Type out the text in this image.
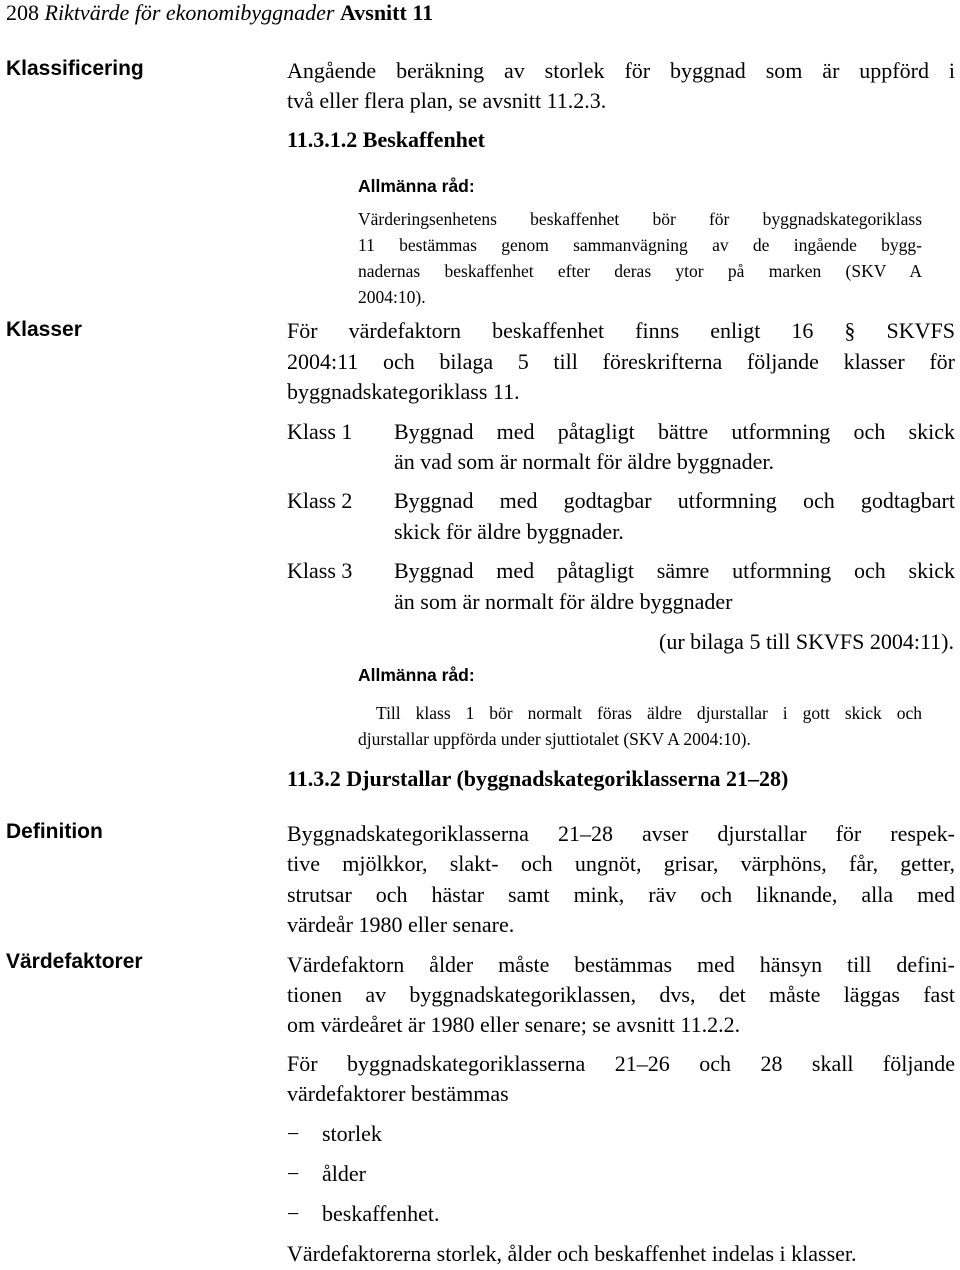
208 Riktvärde för ekonomibyggnader Avsnitt 11
Klassificering
Klasser
Definition
Värdefaktorer
Angående beräkning av storlek för byggnad som är uppförd i
två eller flera plan, se avsnitt 11.2.3.
11.3.1.2 Beskaffenhet
Allmänna råd:
Värderingsenhetens beskaffenhet bör för byggnadskategoriklass
11 bestämmas genom sammanvägning av de ingående bygg-
nadernas beskaffenhet efter deras ytor på marken (SKV A
2004:10).
För värdefaktorn beskaffenhet finns enligt 16 § SKVFS
2004:11 och bilaga 5 till föreskrifterna följande klasser för
byggnadskategoriklass 11.
Klass 1 Byggnad med påtagligt bättre utformning och skick
än vad som är normalt för äldre byggnader.
Klass 2 Byggnad med godtagbar utformning och godtagbart
skick för äldre byggnader.
Klass 3 Byggnad med påtagligt sämre utformning och skick
än som är normalt för äldre byggnader
(ur bilaga 5 till SKVFS 2004:11).
Allmänna råd:
Till klass 1 bör normalt föras äldre djurstallar i gott skick och
djurstallar uppförda under sjuttiotalet (SKV A 2004:10).
11.3.2 Djurstallar (byggnadskategoriklasserna 21–28)
Byggnadskategoriklasserna 21–28 avser djurstallar för respek-
tive mjölkkor, slakt- och ungnöt, grisar, värphöns, får, getter,
strutsar och hästar samt mink, räv och liknande, alla med
värdeår 1980 eller senare.
Värdefaktorn ålder måste bestämmas med hänsyn till defini-
tionen av byggnadskategoriklassen, dvs, det måste läggas fast
om värdeåret är 1980 eller senare; se avsnitt 11.2.2.
För byggnadskategoriklasserna 21–26 och 28 skall följande
värdefaktorer bestämmas
− storlek
− ålder
− beskaffenhet.
Värdefaktorerna storlek, ålder och beskaffenhet indelas i klasser.
